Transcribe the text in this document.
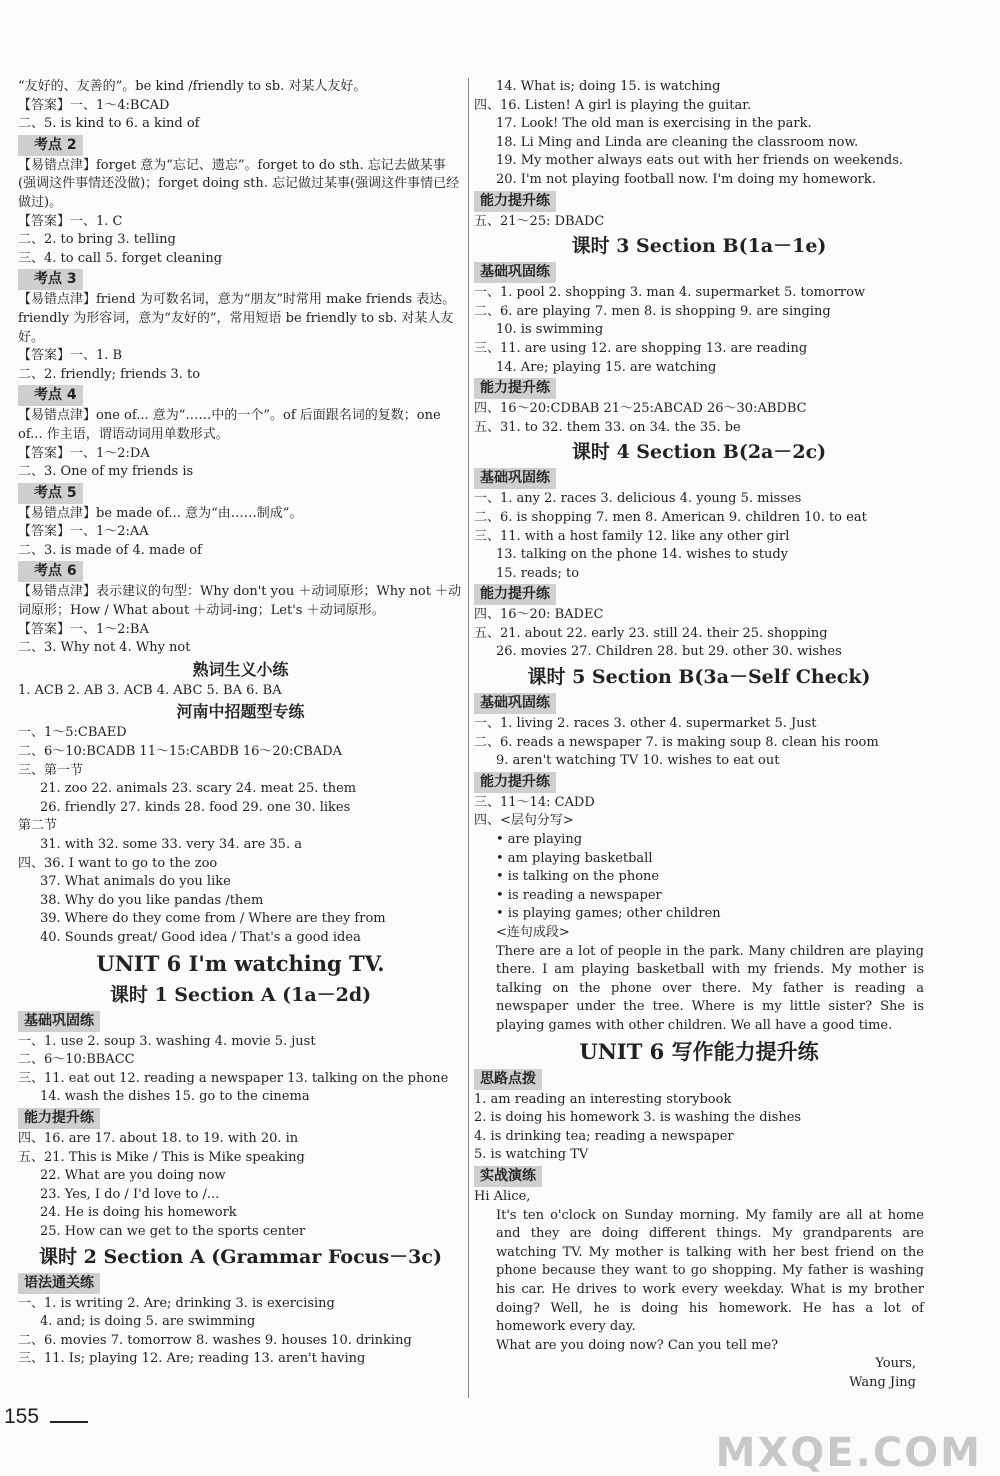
“友好的、友善的”。be kind /friendly to sb. 对某人友好。
【答案】一、1～4:BCAD
二、5. is kind to 6. a kind of
考点 2
【易错点津】forget 意为“忘记、遗忘”。forget to do sth. 忘记去做某事(强调这件事情还没做)；forget doing sth. 忘记做过某事(强调这件事情已经做过)。
【答案】一、1. C
二、2. to bring 3. telling
三、4. to call 5. forget cleaning
考点 3
【易错点津】friend 为可数名词，意为“朋友”时常用 make friends 表达。friendly 为形容词，意为“友好的”，常用短语 be friendly to sb. 对某人友好。
【答案】一、1. B
二、2. friendly; friends 3. to
考点 4
【易错点津】one of... 意为“……中的一个”。of 后面跟名词的复数；one of... 作主语，谓语动词用单数形式。
【答案】一、1～2:DA
二、3. One of my friends is
考点 5
【易错点津】be made of... 意为“由……制成”。
【答案】一、1～2:AA
二、3. is made of 4. made of
考点 6
【易错点津】表示建议的句型：Why don't you ＋动词原形；Why not ＋动词原形；How / What about ＋动词-ing；Let's ＋动词原形。
【答案】一、1～2:BA
二、3. Why not 4. Why not
熟词生义小练
1. ACB 2. AB 3. ACB 4. ABC 5. BA 6. BA
河南中招题型专练
一、1～5:CBAED
二、6～10:BCADB 11～15:CABDB 16～20:CBADA
三、第一节
21. zoo 22. animals 23. scary 24. meat 25. them
26. friendly 27. kinds 28. food 29. one 30. likes
第二节
31. with 32. some 33. very 34. are 35. a
四、36. I want to go to the zoo
37. What animals do you like
38. Why do you like pandas /them
39. Where do they come from / Where are they from
40. Sounds great/ Good idea / That's a good idea
UNIT 6 I'm watching TV.
课时 1 Section A (1a－2d)
基础巩固练
一、1. use 2. soup 3. washing 4. movie 5. just
二、6～10:BBACC
三、11. eat out 12. reading a newspaper 13. talking on the phone
14. wash the dishes 15. go to the cinema
能力提升练
四、16. are 17. about 18. to 19. with 20. in
五、21. This is Mike / This is Mike speaking
22. What are you doing now
23. Yes, I do / I'd love to /...
24. He is doing his homework
25. How can we get to the sports center
课时 2 Section A (Grammar Focus－3c)
语法通关练
一、1. is writing 2. Are; drinking 3. is exercising
4. and; is doing 5. are swimming
二、6. movies 7. tomorrow 8. washes 9. houses 10. drinking
三、11. Is; playing 12. Are; reading 13. aren't having
14. What is; doing 15. is watching
四、16. Listen! A girl is playing the guitar.
17. Look! The old man is exercising in the park.
18. Li Ming and Linda are cleaning the classroom now.
19. My mother always eats out with her friends on weekends.
20. I'm not playing football now. I'm doing my homework.
能力提升练
五、21～25: DBADC
课时 3 Section B(1a－1e)
基础巩固练
一、1. pool 2. shopping 3. man 4. supermarket 5. tomorrow
二、6. are playing 7. men 8. is shopping 9. are singing
10. is swimming
三、11. are using 12. are shopping 13. are reading
14. Are; playing 15. are watching
能力提升练
四、16～20:CDBAB 21～25:ABCAD 26～30:ABDBC
五、31. to 32. them 33. on 34. the 35. be
课时 4 Section B(2a－2c)
基础巩固练
一、1. any 2. races 3. delicious 4. young 5. misses
二、6. is shopping 7. men 8. American 9. children 10. to eat
三、11. with a host family 12. like any other girl
13. talking on the phone 14. wishes to study
15. reads; to
能力提升练
四、16～20: BADEC
五、21. about 22. early 23. still 24. their 25. shopping
26. movies 27. Children 28. but 29. other 30. wishes
课时 5 Section B(3a－Self Check)
基础巩固练
一、1. living 2. races 3. other 4. supermarket 5. Just
二、6. reads a newspaper 7. is making soup 8. clean his room
9. aren't watching TV 10. wishes to eat out
能力提升练
三、11～14: CADD
四、<层句分写>
• are playing
• am playing basketball
• is talking on the phone
• is reading a newspaper
• is playing games; other children
<连句成段>
There are a lot of people in the park. Many children are playing there. I am playing basketball with my friends. My mother is talking on the phone over there. My father is reading a newspaper under the tree. Where is my little sister? She is playing games with other children. We all have a good time.
UNIT 6 写作能力提升练
思路点拨
1. am reading an interesting storybook
2. is doing his homework 3. is washing the dishes
4. is drinking tea; reading a newspaper
5. is watching TV
实战演练
Hi Alice,
It's ten o'clock on Sunday morning. My family are all at home and they are doing different things. My grandparents are watching TV. My mother is talking with her best friend on the phone because they want to go shopping. My father is washing his car. He drives to work every weekday. What is my brother doing? Well, he is doing his homework. He has a lot of homework every day.
What are you doing now? Can you tell me?
Yours,
Wang Jing
155
MXQE.COM
